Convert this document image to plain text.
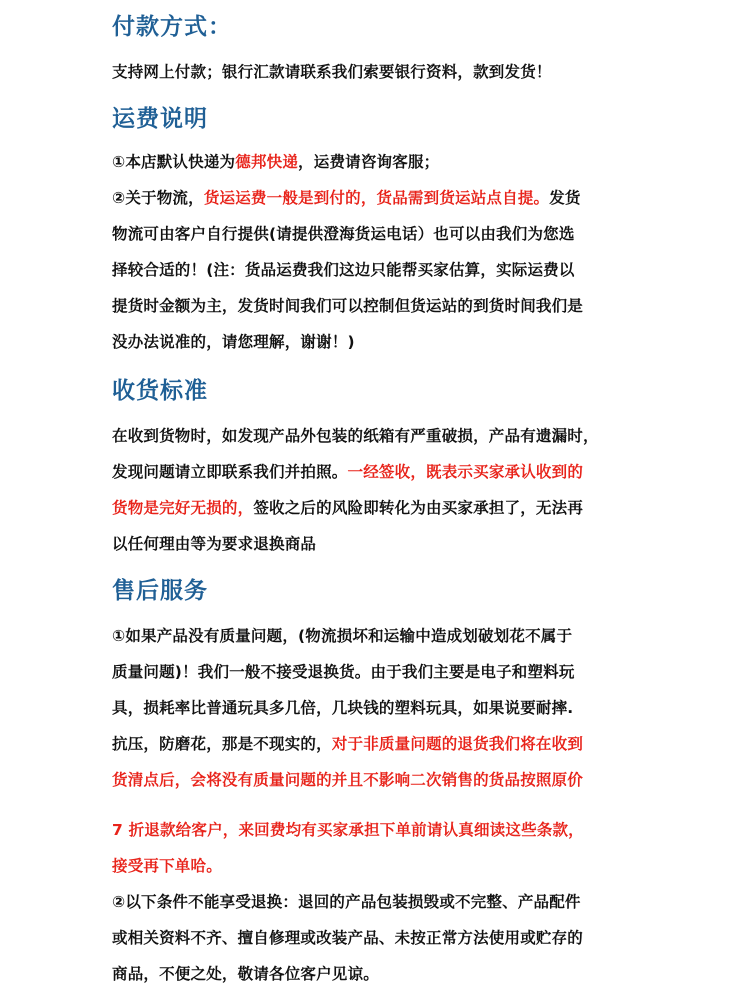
付款方式：
支持网上付款；银行汇款请联系我们索要银行资料，款到发货！
运费说明
①本店默认快递为德邦快递，运费请咨询客服；
②关于物流，货运运费一般是到付的，货品需到货运站点自提。发货
物流可由客户自行提供(请提供澄海货运电话）也可以由我们为您选
择较合适的！(注：货品运费我们这边只能帮买家估算，实际运费以
提货时金额为主，发货时间我们可以控制但货运站的到货时间我们是
没办法说准的，请您理解，谢谢！)
收货标准
在收到货物时，如发现产品外包装的纸箱有严重破损，产品有遗漏时，
发现问题请立即联系我们并拍照。一经签收，既表示买家承认收到的
货物是完好无损的，签收之后的风险即转化为由买家承担了，无法再
以任何理由等为要求退换商品
售后服务
①如果产品没有质量问题，(物流损坏和运输中造成划破划花不属于
质量问题)！我们一般不接受退换货。由于我们主要是电子和塑料玩
具，损耗率比普通玩具多几倍，几块钱的塑料玩具，如果说要耐摔.
抗压，防磨花，那是不现实的，对于非质量问题的退货我们将在收到
货清点后，会将没有质量问题的并且不影响二次销售的货品按照原价
7 折退款给客户，来回费均有买家承担下单前请认真细读这些条款，
接受再下单哈。
②以下条件不能享受退换：退回的产品包装损毁或不完整、产品配件
或相关资料不齐、擅自修理或改装产品、未按正常方法使用或贮存的
商品，不便之处，敬请各位客户见谅。
